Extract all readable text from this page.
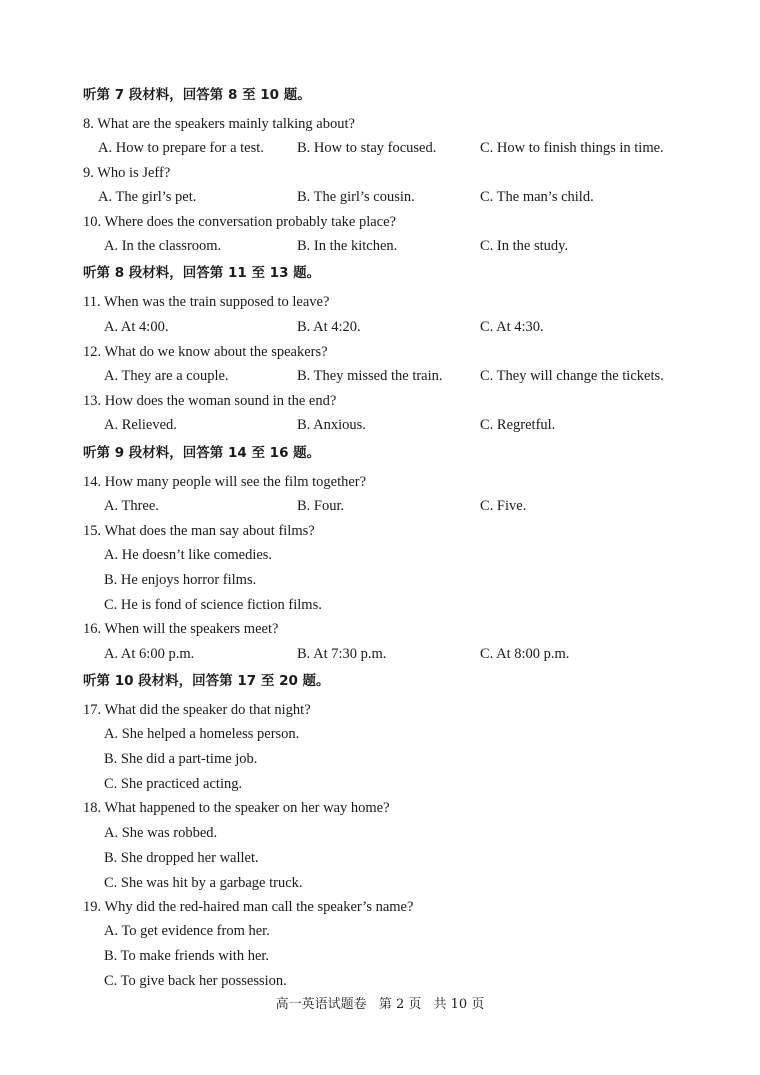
听第 7 段材料，回答第 8 至 10 题。
8. What are the speakers mainly talking about?
A. How to prepare for a test. B. How to stay focused.	C. How to finish things in time.
9. Who is Jeff?
A. The girl’s pet.	B. The girl’s cousin.	C. The man’s child.
10. Where does the conversation probably take place?
A. In the classroom.	B. In the kitchen.	C. In the study.
听第 8 段材料，回答第 11 至 13 题。
11. When was the train supposed to leave?
A. At 4:00.	B. At 4:20.	C. At 4:30.
12. What do we know about the speakers?
A. They are a couple.	B. They missed the train.	C. They will change the tickets.
13. How does the woman sound in the end?
A. Relieved.	B. Anxious.	C. Regretful.
听第 9 段材料，回答第 14 至 16 题。
14. How many people will see the film together?
A. Three.	B. Four.	C. Five.
15. What does the man say about films?
A. He doesn’t like comedies.
B. He enjoys horror films.
C. He is fond of science fiction films.
16. When will the speakers meet?
A. At 6:00 p.m.	B. At 7:30 p.m.	C. At 8:00 p.m.
听第 10 段材料，回答第 17 至 20 题。
17. What did the speaker do that night?
A. She helped a homeless person.
B. She did a part-time job.
C. She practiced acting.
18. What happened to the speaker on her way home?
A. She was robbed.
B. She dropped her wallet.
C. She was hit by a garbage truck.
19. Why did the red-haired man call the speaker’s name?
A. To get evidence from her.
B. To make friends with her.
C. To give back her possession.
高一英语试题卷 第 2 页 共 10 页
